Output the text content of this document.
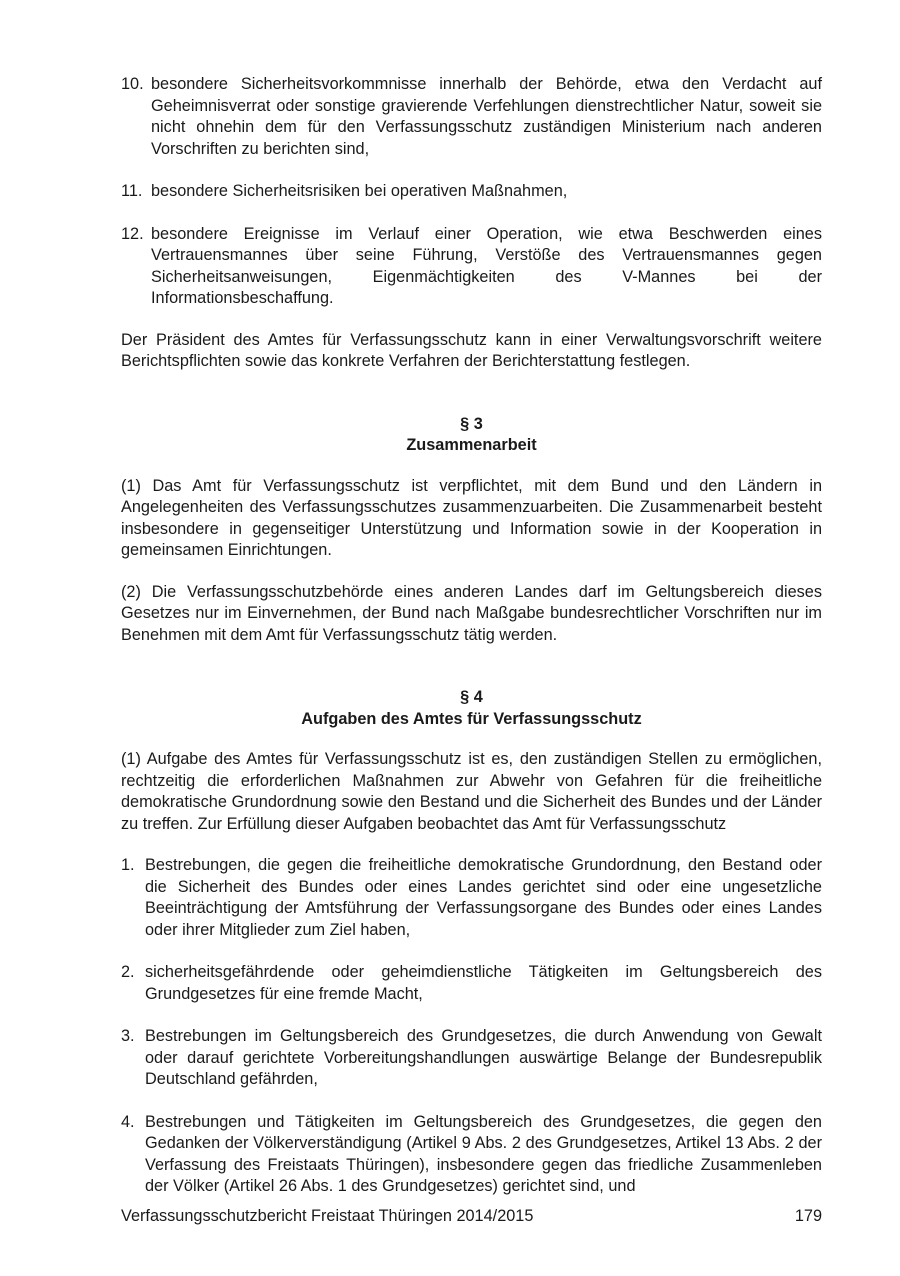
10. besondere Sicherheitsvorkommnisse innerhalb der Behörde, etwa den Verdacht auf Geheimnisverrat oder sonstige gravierende Verfehlungen dienstrechtlicher Natur, soweit sie nicht ohnehin dem für den Verfassungsschutz zuständigen Ministerium nach anderen Vorschriften zu berichten sind,
11. besondere Sicherheitsrisiken bei operativen Maßnahmen,
12. besondere Ereignisse im Verlauf einer Operation, wie etwa Beschwerden eines Vertrauensmannes über seine Führung, Verstöße des Vertrauensmannes gegen Sicherheitsanweisungen, Eigenmächtigkeiten des V-Mannes bei der Informationsbeschaffung.

Der Präsident des Amtes für Verfassungsschutz kann in einer Verwaltungsvorschrift weitere Berichtspflichten sowie das konkrete Verfahren der Berichterstattung festlegen.

§ 3
Zusammenarbeit

(1) Das Amt für Verfassungsschutz ist verpflichtet, mit dem Bund und den Ländern in Angelegenheiten des Verfassungsschutzes zusammenzuarbeiten. Die Zusammenarbeit besteht insbesondere in gegenseitiger Unterstützung und Information sowie in der Kooperation in gemeinsamen Einrichtungen.

(2) Die Verfassungsschutzbehörde eines anderen Landes darf im Geltungsbereich dieses Gesetzes nur im Einvernehmen, der Bund nach Maßgabe bundesrechtlicher Vorschriften nur im Benehmen mit dem Amt für Verfassungsschutz tätig werden.

§ 4
Aufgaben des Amtes für Verfassungsschutz

(1) Aufgabe des Amtes für Verfassungsschutz ist es, den zuständigen Stellen zu ermöglichen, rechtzeitig die erforderlichen Maßnahmen zur Abwehr von Gefahren für die freiheitliche demokratische Grundordnung sowie den Bestand und die Sicherheit des Bundes und der Länder zu treffen. Zur Erfüllung dieser Aufgaben beobachtet das Amt für Verfassungsschutz

1. Bestrebungen, die gegen die freiheitliche demokratische Grundordnung, den Bestand oder die Sicherheit des Bundes oder eines Landes gerichtet sind oder eine ungesetzliche Beeinträchtigung der Amtsführung der Verfassungsorgane des Bundes oder eines Landes oder ihrer Mitglieder zum Ziel haben,
2. sicherheitsgefährdende oder geheimdienstliche Tätigkeiten im Geltungsbereich des Grundgesetzes für eine fremde Macht,
3. Bestrebungen im Geltungsbereich des Grundgesetzes, die durch Anwendung von Gewalt oder darauf gerichtete Vorbereitungshandlungen auswärtige Belange der Bundesrepublik Deutschland gefährden,
4. Bestrebungen und Tätigkeiten im Geltungsbereich des Grundgesetzes, die gegen den Gedanken der Völkerverständigung (Artikel 9 Abs. 2 des Grundgesetzes, Artikel 13 Abs. 2 der Verfassung des Freistaats Thüringen), insbesondere gegen das friedliche Zusammenleben der Völker (Artikel 26 Abs. 1 des Grundgesetzes) gerichtet sind, und
Verfassungsschutzbericht Freistaat Thüringen 2014/2015	179
